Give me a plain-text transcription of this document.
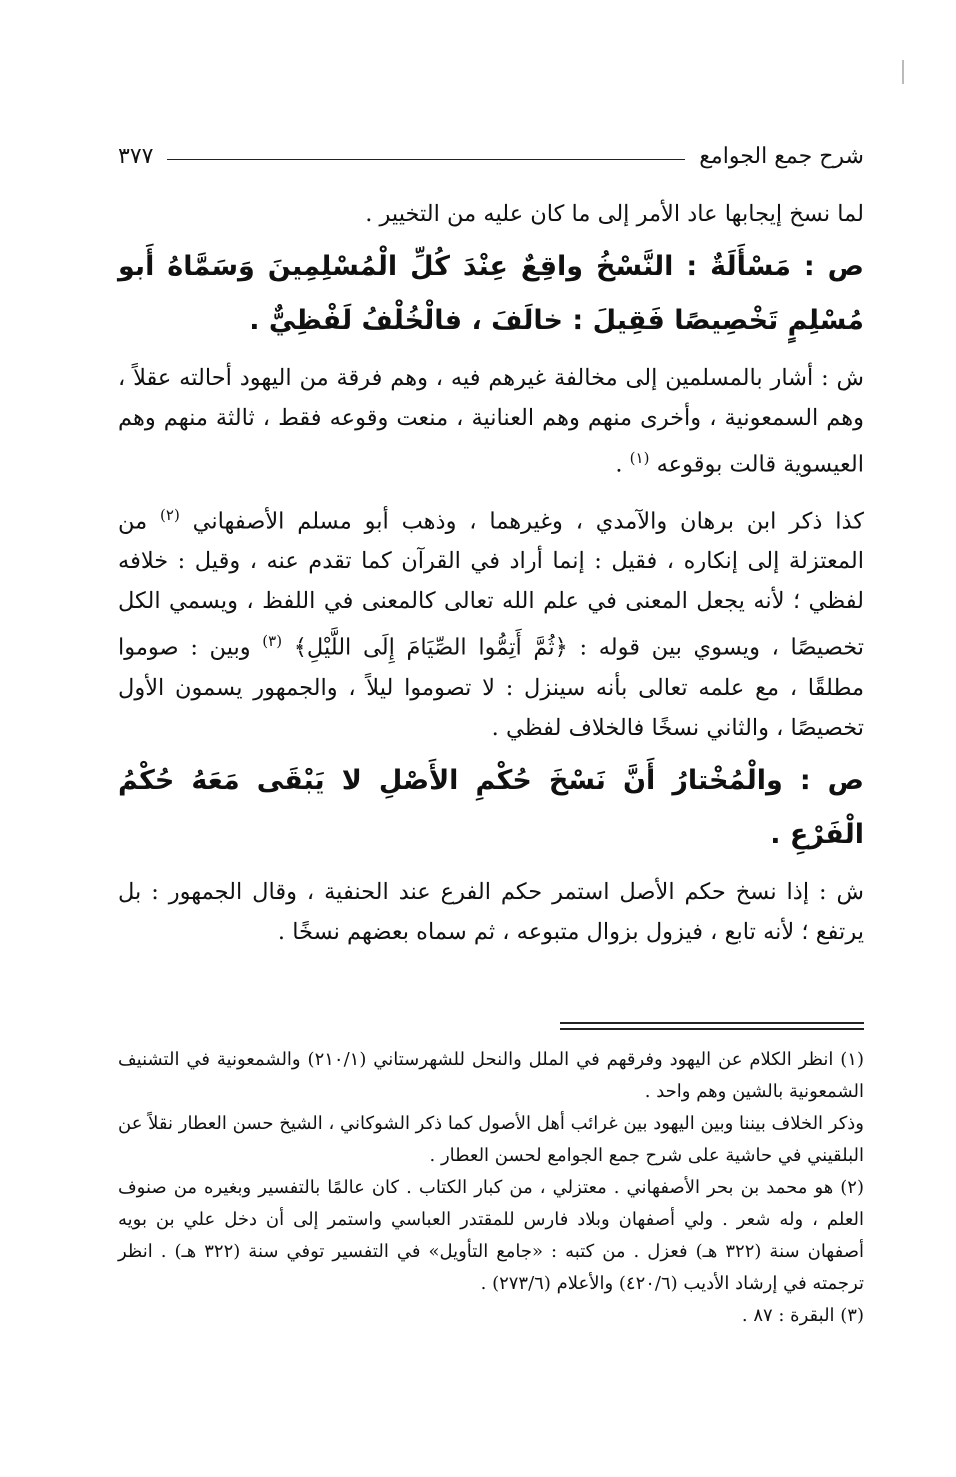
شرح جمع الجوامع
٣٧٧

لما نسخ إيجابها عاد الأمر إلى ما كان عليه من التخيير .

ص : مَسْأَلَةٌ : النَّسْخُ واقِعٌ عِنْدَ كُلِّ الْمُسْلِمِينَ وَسَمَّاهُ أَبو مُسْلِمٍ تَخْصِيصًا فَقِيلَ : خالَفَ ، فالْخُلْفُ لَفْظِيٌّ .

ش : أشار بالمسلمين إلى مخالفة غيرهم فيه ، وهم فرقة من اليهود أحالته عقلاً ، وهم السمعونية ، وأخرى منهم وهم العنانية ، منعت وقوعه فقط ، ثالثة منهم وهم العيسوية قالت بوقوعه $^{(١)}$ .

كذا ذكر ابن برهان والآمدي ، وغيرهما ، وذهب أبو مسلم الأصفهاني $^{(٢)}$ من المعتزلة إلى إنكاره ، فقيل : إنما أراد في القرآن كما تقدم عنه ، وقيل : خلافه لفظي ؛ لأنه يجعل المعنى في علم الله تعالى كالمعنى في اللفظ ، ويسمي الكل تخصيصًا ، ويسوي بين قوله : ﴿ثُمَّ أَتِمُّوا الصِّيَامَ إِلَى اللَّيْلِ﴾ $^{(٣)}$ وبين : صوموا مطلقًا ، مع علمه تعالى بأنه سينزل : لا تصوموا ليلاً ، والجمهور يسمون الأول تخصيصًا ، والثاني نسخًا فالخلاف لفظي .

ص : والْمُخْتارُ أَنَّ نَسْخَ حُكْمِ الأَصْلِ لا يَبْقَى مَعَهُ حُكْمُ الْفَرْعِ .

ش : إذا نسخ حكم الأصل استمر حكم الفرع عند الحنفية ، وقال الجمهور : بل يرتفع ؛ لأنه تابع ، فيزول بزوال متبوعه ، ثم سماه بعضهم نسخًا .

(١) انظر الكلام عن اليهود وفرقهم في الملل والنحل للشهرستاني (٢١٠/١) والشمعونية في التشنيف الشمعونية بالشين وهم واحد .

وذكر الخلاف بيننا وبين اليهود بين غرائب أهل الأصول كما ذكر الشوكاني ، الشيخ حسن العطار نقلاً عن البلقيني في حاشية على شرح جمع الجوامع لحسن العطار .

(٢) هو محمد بن بحر الأصفهاني . معتزلي ، من كبار الكتاب . كان عالمًا بالتفسير وبغيره من صنوف العلم ، وله شعر . ولي أصفهان وبلاد فارس للمقتدر العباسي واستمر إلى أن دخل علي بن بويه أصفهان سنة (٣٢٢ هـ) فعزل . من كتبه : «جامع التأويل» في التفسير توفي سنة (٣٢٢ هـ) . انظر ترجمته في إرشاد الأديب (٤٢٠/٦) والأعلام (٢٧٣/٦) .

(٣) البقرة : ٨٧ .
